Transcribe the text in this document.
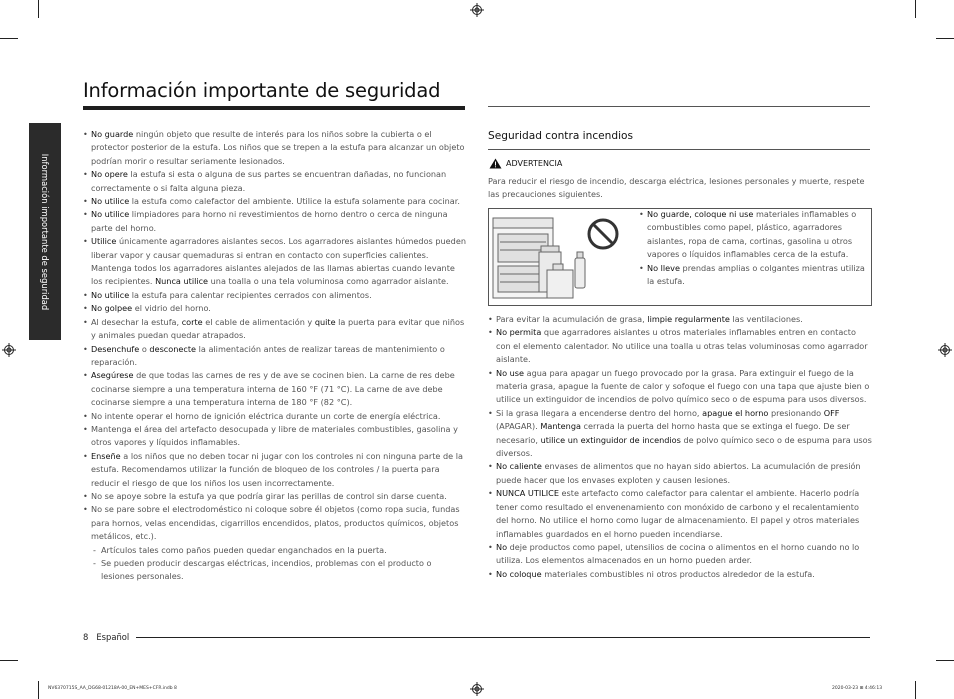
Información importante de seguridad
Información importante de seguridad
• No guarde ningún objeto que resulte de interés para los niños sobre la cubierta o el protector posterior de la estufa. Los niños que se trepen a la estufa para alcanzar un objeto podrían morir o resultar seriamente lesionados.
• No opere la estufa si esta o alguna de sus partes se encuentran dañadas, no funcionan correctamente o si falta alguna pieza.
• No utilice la estufa como calefactor del ambiente. Utilice la estufa solamente para cocinar.
• No utilice limpiadores para horno ni revestimientos de horno dentro o cerca de ninguna parte del horno.
• Utilice únicamente agarradores aislantes secos. Los agarradores aislantes húmedos pueden liberar vapor y causar quemaduras si entran en contacto con superficies calientes. Mantenga todos los agarradores aislantes alejados de las llamas abiertas cuando levante los recipientes. Nunca utilice una toalla o una tela voluminosa como agarrador aislante.
• No utilice la estufa para calentar recipientes cerrados con alimentos.
• No golpee el vidrio del horno.
• Al desechar la estufa, corte el cable de alimentación y quite la puerta para evitar que niños y animales puedan quedar atrapados.
• Desenchufe o desconecte la alimentación antes de realizar tareas de mantenimiento o reparación.
• Asegúrese de que todas las carnes de res y de ave se cocinen bien. La carne de res debe cocinarse siempre a una temperatura interna de 160 °F (71 °C). La carne de ave debe cocinarse siempre a una temperatura interna de 180 °F (82 °C).
• No intente operar el horno de ignición eléctrica durante un corte de energía eléctrica.
• Mantenga el área del artefacto desocupada y libre de materiales combustibles, gasolina y otros vapores y líquidos inflamables.
• Enseñe a los niños que no deben tocar ni jugar con los controles ni con ninguna parte de la estufa. Recomendamos utilizar la función de bloqueo de los controles / la puerta para reducir el riesgo de que los niños los usen incorrectamente.
• No se apoye sobre la estufa ya que podría girar las perillas de control sin darse cuenta.
• No se pare sobre el electrodoméstico ni coloque sobre él objetos (como ropa sucia, fundas para hornos, velas encendidas, cigarrillos encendidos, platos, productos químicos, objetos metálicos, etc.).
- Artículos tales como paños pueden quedar enganchados en la puerta.
- Se pueden producir descargas eléctricas, incendios, problemas con el producto o lesiones personales.
Seguridad contra incendios
ADVERTENCIA
Para reducir el riesgo de incendio, descarga eléctrica, lesiones personales y muerte, respete las precauciones siguientes.
• No guarde, coloque ni use materiales inflamables o combustibles como papel, plástico, agarradores aislantes, ropa de cama, cortinas, gasolina u otros vapores o líquidos inflamables cerca de la estufa.
• No lleve prendas amplias o colgantes mientras utiliza la estufa.
• Para evitar la acumulación de grasa, limpie regularmente las ventilaciones.
• No permita que agarradores aislantes u otros materiales inflamables entren en contacto con el elemento calentador. No utilice una toalla u otras telas voluminosas como agarrador aislante.
• No use agua para apagar un fuego provocado por la grasa. Para extinguir el fuego de la materia grasa, apague la fuente de calor y sofoque el fuego con una tapa que ajuste bien o utilice un extinguidor de incendios de polvo químico seco o de espuma para usos diversos.
• Si la grasa llegara a encenderse dentro del horno, apague el horno presionando OFF (APAGAR). Mantenga cerrada la puerta del horno hasta que se extinga el fuego. De ser necesario, utilice un extinguidor de incendios de polvo químico seco o de espuma para usos diversos.
• No caliente envases de alimentos que no hayan sido abiertos. La acumulación de presión puede hacer que los envases exploten y causen lesiones.
• NUNCA UTILICE este artefacto como calefactor para calentar el ambiente. Hacerlo podría tener como resultado el envenenamiento con monóxido de carbono y el recalentamiento del horno. No utilice el horno como lugar de almacenamiento. El papel y otros materiales inflamables guardados en el horno pueden incendiarse.
• No deje productos como papel, utensilios de cocina o alimentos en el horno cuando no lo utiliza. Los elementos almacenados en un horno pueden arder.
• No coloque materiales combustibles ni otros productos alrededor de la estufa.
8 Español
NV6370715S_AA_DG68-01218A-00_EN+MES+CFR.indb 8	2020-03-23 ⊞ 4:46:13
